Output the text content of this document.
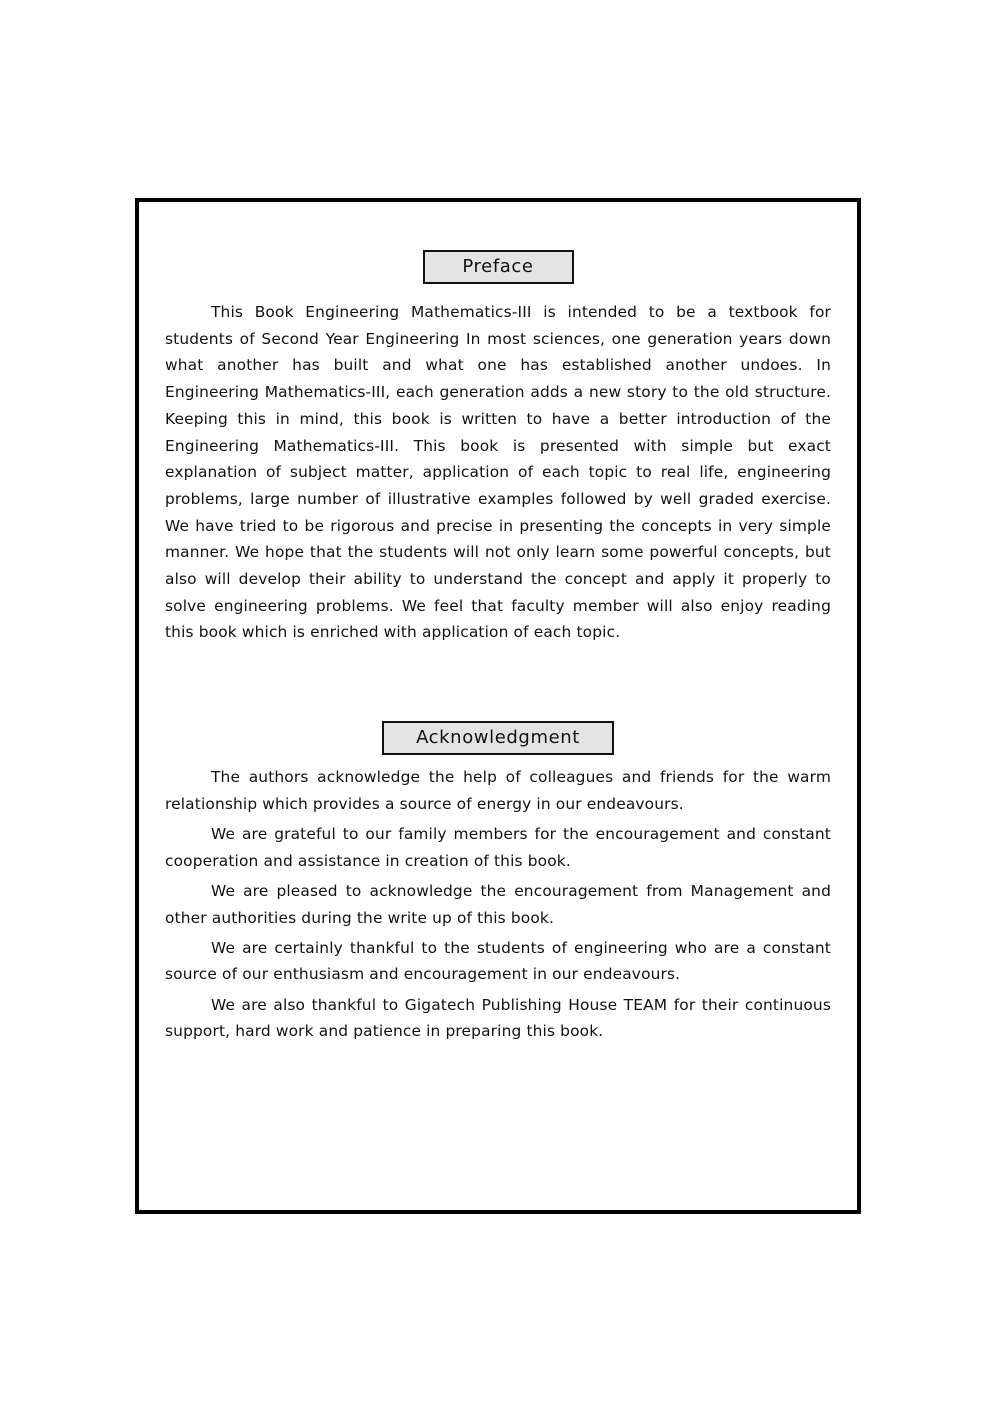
Preface

This Book Engineering Mathematics-III is intended to be a textbook for students of Second Year Engineering In most sciences, one generation years down what another has built and what one has established another undoes. In Engineering Mathematics-III, each generation adds a new story to the old structure. Keeping this in mind, this book is written to have a better introduction of the Engineering Mathematics-III. This book is presented with simple but exact explanation of subject matter, application of each topic to real life, engineering problems, large number of illustrative examples followed by well graded exercise. We have tried to be rigorous and precise in presenting the concepts in very simple manner. We hope that the students will not only learn some powerful concepts, but also will develop their ability to understand the concept and apply it properly to solve engineering problems. We feel that faculty member will also enjoy reading this book which is enriched with application of each topic.

Acknowledgment

The authors acknowledge the help of colleagues and friends for the warm relationship which provides a source of energy in our endeavours.

We are grateful to our family members for the encouragement and constant cooperation and assistance in creation of this book.

We are pleased to acknowledge the encouragement from Management and other authorities during the write up of this book.

We are certainly thankful to the students of engineering who are a constant source of our enthusiasm and encouragement in our endeavours.

We are also thankful to Gigatech Publishing House TEAM for their continuous support, hard work and patience in preparing this book.
